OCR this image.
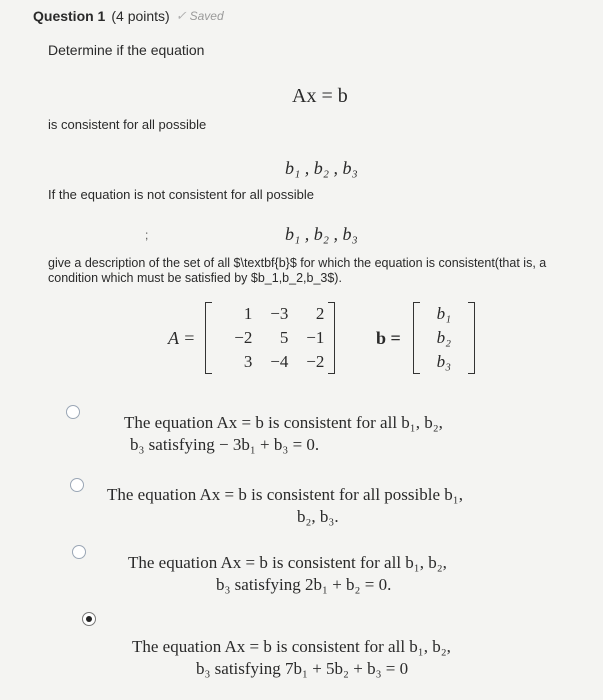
Question 1 (4 points) ✓ Saved
Determine if the equation
Ax = b
is consistent for all possible
b₁ , b₂ , b₃
If the equation is not consistent for all possible
;	b₁ , b₂ , b₃
give a description of the set of all $\textbf{b}$ for which the equation is consistent(that is, a condition which must be satisfied by $b_1,b_2,b_3$).
A =
1	−3	2
−2	5	−1
3	−4	−2
b =
b₁
b₂
b₃
The equation Ax = b is consistent for all b₁, b₂,
b₃ satisfying − 3b₁ + b₃ = 0.
The equation Ax = b is consistent for all possible b₁,
b₂, b₃.
The equation Ax = b is consistent for all b₁, b₂,
b₃ satisfying 2b₁ + b₂ = 0.
The equation Ax = b is consistent for all b₁, b₂,
b₃ satisfying 7b₁ + 5b₂ + b₃ = 0
